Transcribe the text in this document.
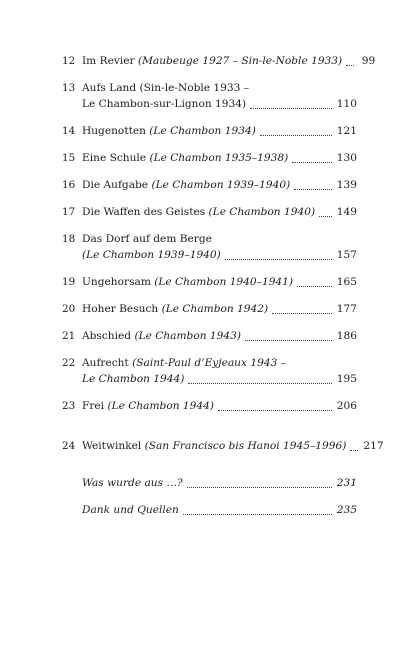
12 Im Revier (Maubeuge 1927 – Sin-le-Noble 1933) 99
13 Aufs Land (Sin-le-Noble 1933 –
Le Chambon-sur-Lignon 1934)	110
14 Hugenotten (Le Chambon 1934)	121
15 Eine Schule (Le Chambon 1935–1938)	130
16 Die Aufgabe (Le Chambon 1939–1940)	139
17 Die Waffen des Geistes (Le Chambon 1940) 149
18 Das Dorf auf dem Berge
(Le Chambon 1939–1940)	157
19 Ungehorsam (Le Chambon 1940–1941)	165
20 Hoher Besuch (Le Chambon 1942)	177
21 Abschied (Le Chambon 1943)	186
22 Aufrecht (Saint-Paul d’Eyjeaux 1943 –
Le Chambon 1944)	195
23 Frei (Le Chambon 1944)	206
24 Weitwinkel (San Francisco bis Hanoi 1945–1996) 217
Was wurde aus …?	231
Dank und Quellen	235
